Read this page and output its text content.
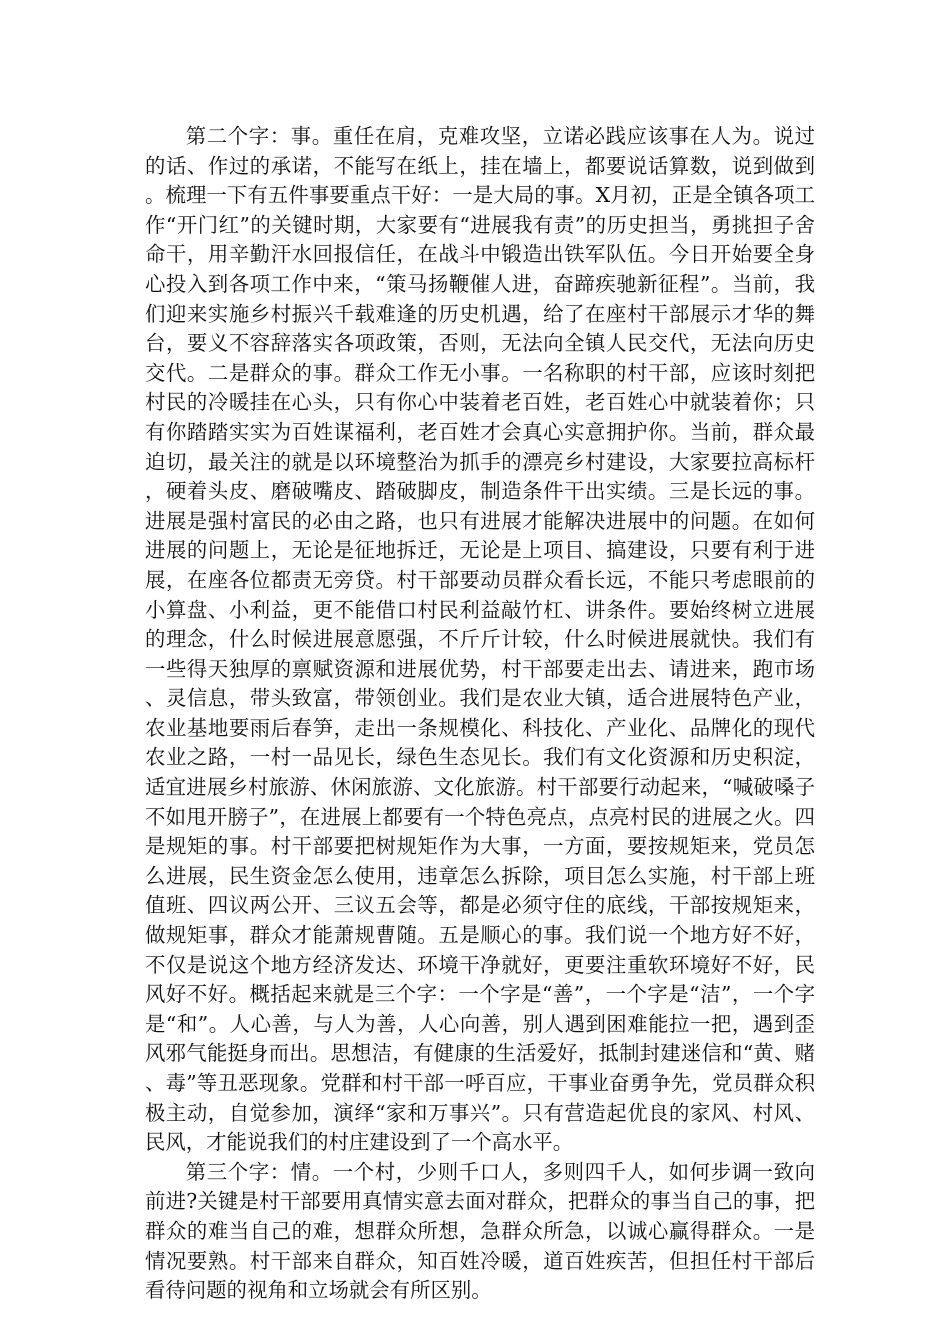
第二个字：事。重任在肩，克难攻坚，立诺必践应该事在人为。说过的话、作过的承诺，不能写在纸上，挂在墙上，都要说话算数，说到做到。梳理一下有五件事要重点干好：一是大局的事。X月初，正是全镇各项工作“开门红”的关键时期，大家要有“进展我有责”的历史担当，勇挑担子舍命干，用辛勤汗水回报信任，在战斗中锻造出铁军队伍。今日开始要全身心投入到各项工作中来，“策马扬鞭催人进，奋蹄疾驰新征程”。当前，我们迎来实施乡村振兴千载难逢的历史机遇，给了在座村干部展示才华的舞台，要义不容辞落实各项政策，否则，无法向全镇人民交代，无法向历史交代。二是群众的事。群众工作无小事。一名称职的村干部，应该时刻把村民的冷暖挂在心头，只有你心中装着老百姓，老百姓心中就装着你；只有你踏踏实实为百姓谋福利，老百姓才会真心实意拥护你。当前，群众最迫切，最关注的就是以环境整治为抓手的漂亮乡村建设，大家要拉高标杆，硬着头皮、磨破嘴皮、踏破脚皮，制造条件干出实绩。三是长远的事。进展是强村富民的必由之路，也只有进展才能解决进展中的问题。在如何进展的问题上，无论是征地拆迁，无论是上项目、搞建设，只要有利于进展，在座各位都责无旁贷。村干部要动员群众看长远，不能只考虑眼前的小算盘、小利益，更不能借口村民利益敲竹杠、讲条件。要始终树立进展的理念，什么时候进展意愿强，不斤斤计较，什么时候进展就快。我们有一些得天独厚的禀赋资源和进展优势，村干部要走出去、请进来，跑市场、灵信息，带头致富，带领创业。我们是农业大镇，适合进展特色产业，农业基地要雨后春笋，走出一条规模化、科技化、产业化、品牌化的现代农业之路，一村一品见长，绿色生态见长。我们有文化资源和历史积淀，适宜进展乡村旅游、休闲旅游、文化旅游。村干部要行动起来，“喊破嗓子不如甩开膀子”，在进展上都要有一个特色亮点，点亮村民的进展之火。四是规矩的事。村干部要把树规矩作为大事，一方面，要按规矩来，党员怎么进展，民生资金怎么使用，违章怎么拆除，项目怎么实施，村干部上班值班、四议两公开、三议五会等，都是必须守住的底线，干部按规矩来，做规矩事，群众才能萧规曹随。五是顺心的事。我们说一个地方好不好，不仅是说这个地方经济发达、环境干净就好，更要注重软环境好不好，民风好不好。概括起来就是三个字：一个字是“善”，一个字是“洁”，一个字是“和”。人心善，与人为善，人心向善，别人遇到困难能拉一把，遇到歪风邪气能挺身而出。思想洁，有健康的生活爱好，抵制封建迷信和“黄、赌、毒”等丑恶现象。党群和村干部一呼百应，干事业奋勇争先，党员群众积极主动，自觉参加，演绎“家和万事兴”。只有营造起优良的家风、村风、民风，才能说我们的村庄建设到了一个高水平。

第三个字：情。一个村，少则千口人，多则四千人，如何步调一致向前进?关键是村干部要用真情实意去面对群众，把群众的事当自己的事，把群众的难当自己的难，想群众所想，急群众所急，以诚心赢得群众。一是情况要熟。村干部来自群众，知百姓冷暖，道百姓疾苦，但担任村干部后看待问题的视角和立场就会有所区别。
